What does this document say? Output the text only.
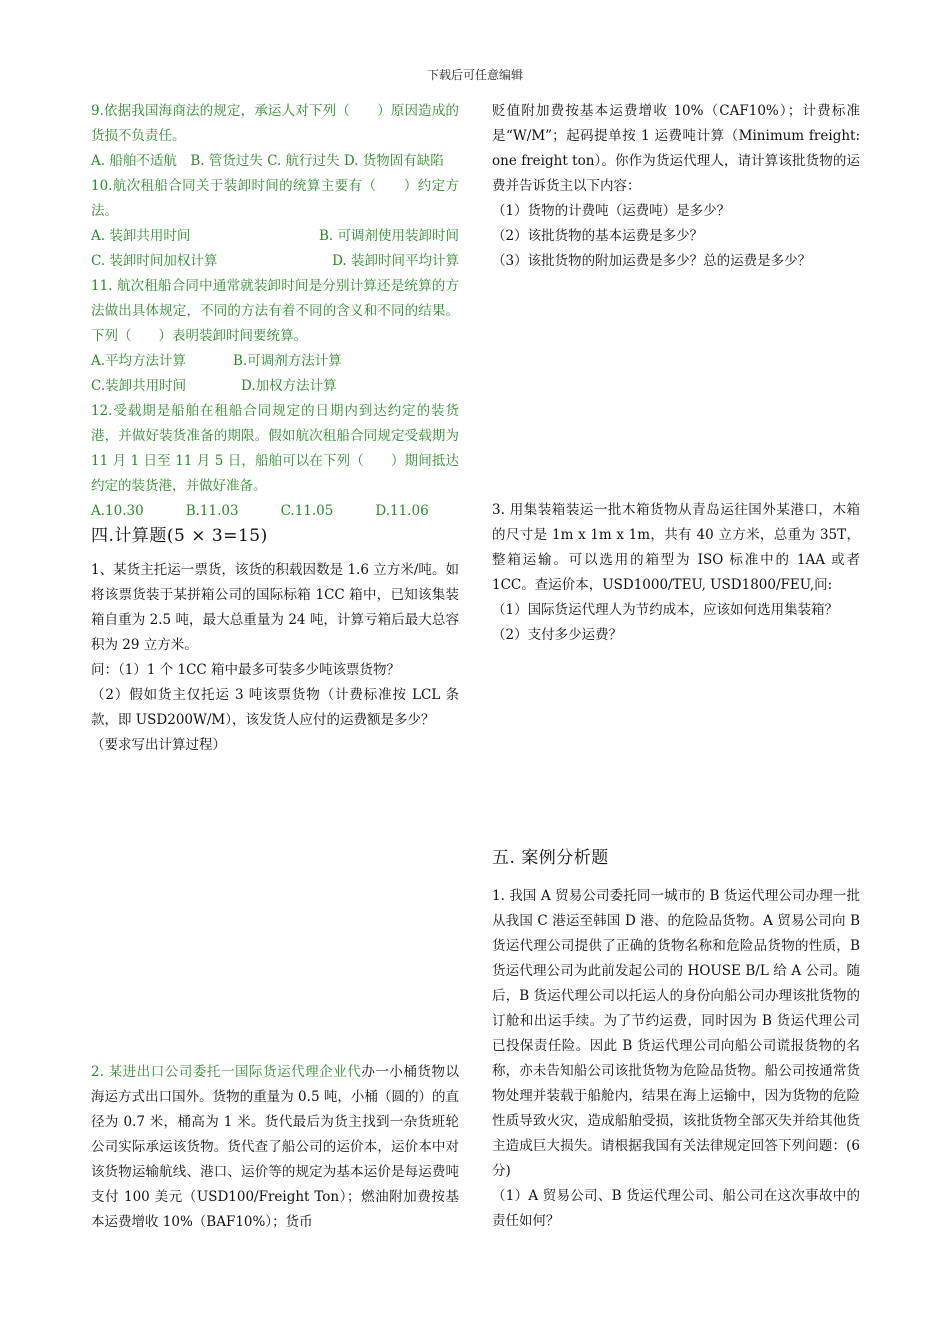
下载后可任意编辑

9.依据我国海商法的规定，承运人对下列（　　）原因造成的货损不负责任。

A. 船舶不适航　B. 管货过失 C. 航行过失 D. 货物固有缺陷

10.航次租船合同关于装卸时间的统算主要有（　　）约定方法。

A. 装卸共用时间	B. 可调剂使用装卸时间

C. 装卸时间加权计算	D. 装卸时间平均计算

11. 航次租船合同中通常就装卸时间是分别计算还是统算的方法做出具体规定，不同的方法有着不同的含义和不同的结果。下列（　　）表明装卸时间要统算。

A.平均方法计算	B.可调剂方法计算

C.装卸共用时间	D.加权方法计算

12.受载期是船舶在租船合同规定的日期内到达约定的装货港，并做好装货准备的期限。假如航次租船合同规定受载期为 11 月 1 日至 11 月 5 日，船舶可以在下列（　　）期间抵达约定的装货港，并做好准备。

A.10.30	B.11.03	C.11.05	D.11.06

四.计算题(5 × 3=15)

1、某货主托运一票货，该货的积载因数是 1.6 立方米/吨。如将该票货装于某拼箱公司的国际标箱 1CC 箱中，已知该集装箱自重为 2.5 吨，最大总重量为 24 吨，计算亏箱后最大总容积为 29 立方米。

问：（1）1 个 1CC 箱中最多可装多少吨该票货物？

（2）假如货主仅托运 3 吨该票货物（计费标准按 LCL 条款，即 USD200W/M），该发货人应付的运费额是多少？

（要求写出计算过程）

2. 某进出口公司委托一国际货运代理企业代办一小桶货物以海运方式出口国外。货物的重量为 0.5 吨，小桶（圆的）的直径为 0.7 米，桶高为 1 米。货代最后为货主找到一杂货班轮公司实际承运该货物。货代查了船公司的运价本，运价本中对该货物运输航线、港口、运价等的规定为基本运价是每运费吨支付 100 美元（USD100/Freight Ton）；燃油附加费按基本运费增收 10%（BAF10%）；货币

贬值附加费按基本运费增收 10%（CAF10%）；计费标准是“W/M”；起码提单按 1 运费吨计算（Minimum freight: one freight ton）。你作为货运代理人，请计算该批货物的运费并告诉货主以下内容：

（1）货物的计费吨（运费吨）是多少？

（2）该批货物的基本运费是多少？

（3）该批货物的附加运费是多少？总的运费是多少？

3. 用集装箱装运一批木箱货物从青岛运往国外某港口，木箱的尺寸是 1m x 1m x 1m，共有 40 立方米，总重为 35T，整箱运输。可以选用的箱型为 ISO 标准中的 1AA 或者 1CC。查运价本，USD1000/TEU, USD1800/FEU,问:

（1）国际货运代理人为节约成本，应该如何选用集装箱？

（2）支付多少运费？

五. 案例分析题

1. 我国 A 贸易公司委托同一城市的 B 货运代理公司办理一批从我国 C 港运至韩国 D 港、的危险品货物。A 贸易公司向 B 货运代理公司提供了正确的货物名称和危险品货物的性质，B 货运代理公司为此前发起公司的 HOUSE B/L 给 A 公司。随后，B 货运代理公司以托运人的身份向船公司办理该批货物的订舱和出运手续。为了节约运费，同时因为 B 货运代理公司已投保责任险。因此 B 货运代理公司向船公司谎报货物的名称，亦未告知船公司该批货物为危险品货物。船公司按通常货物处理并装载于船舱内，结果在海上运输中，因为货物的危险性质导致火灾，造成船舶受损，该批货物全部灭失并给其他货主造成巨大损失。请根据我国有关法律规定回答下列问题：(6 分)

（1）A 贸易公司、B 货运代理公司、船公司在这次事故中的责任如何？
